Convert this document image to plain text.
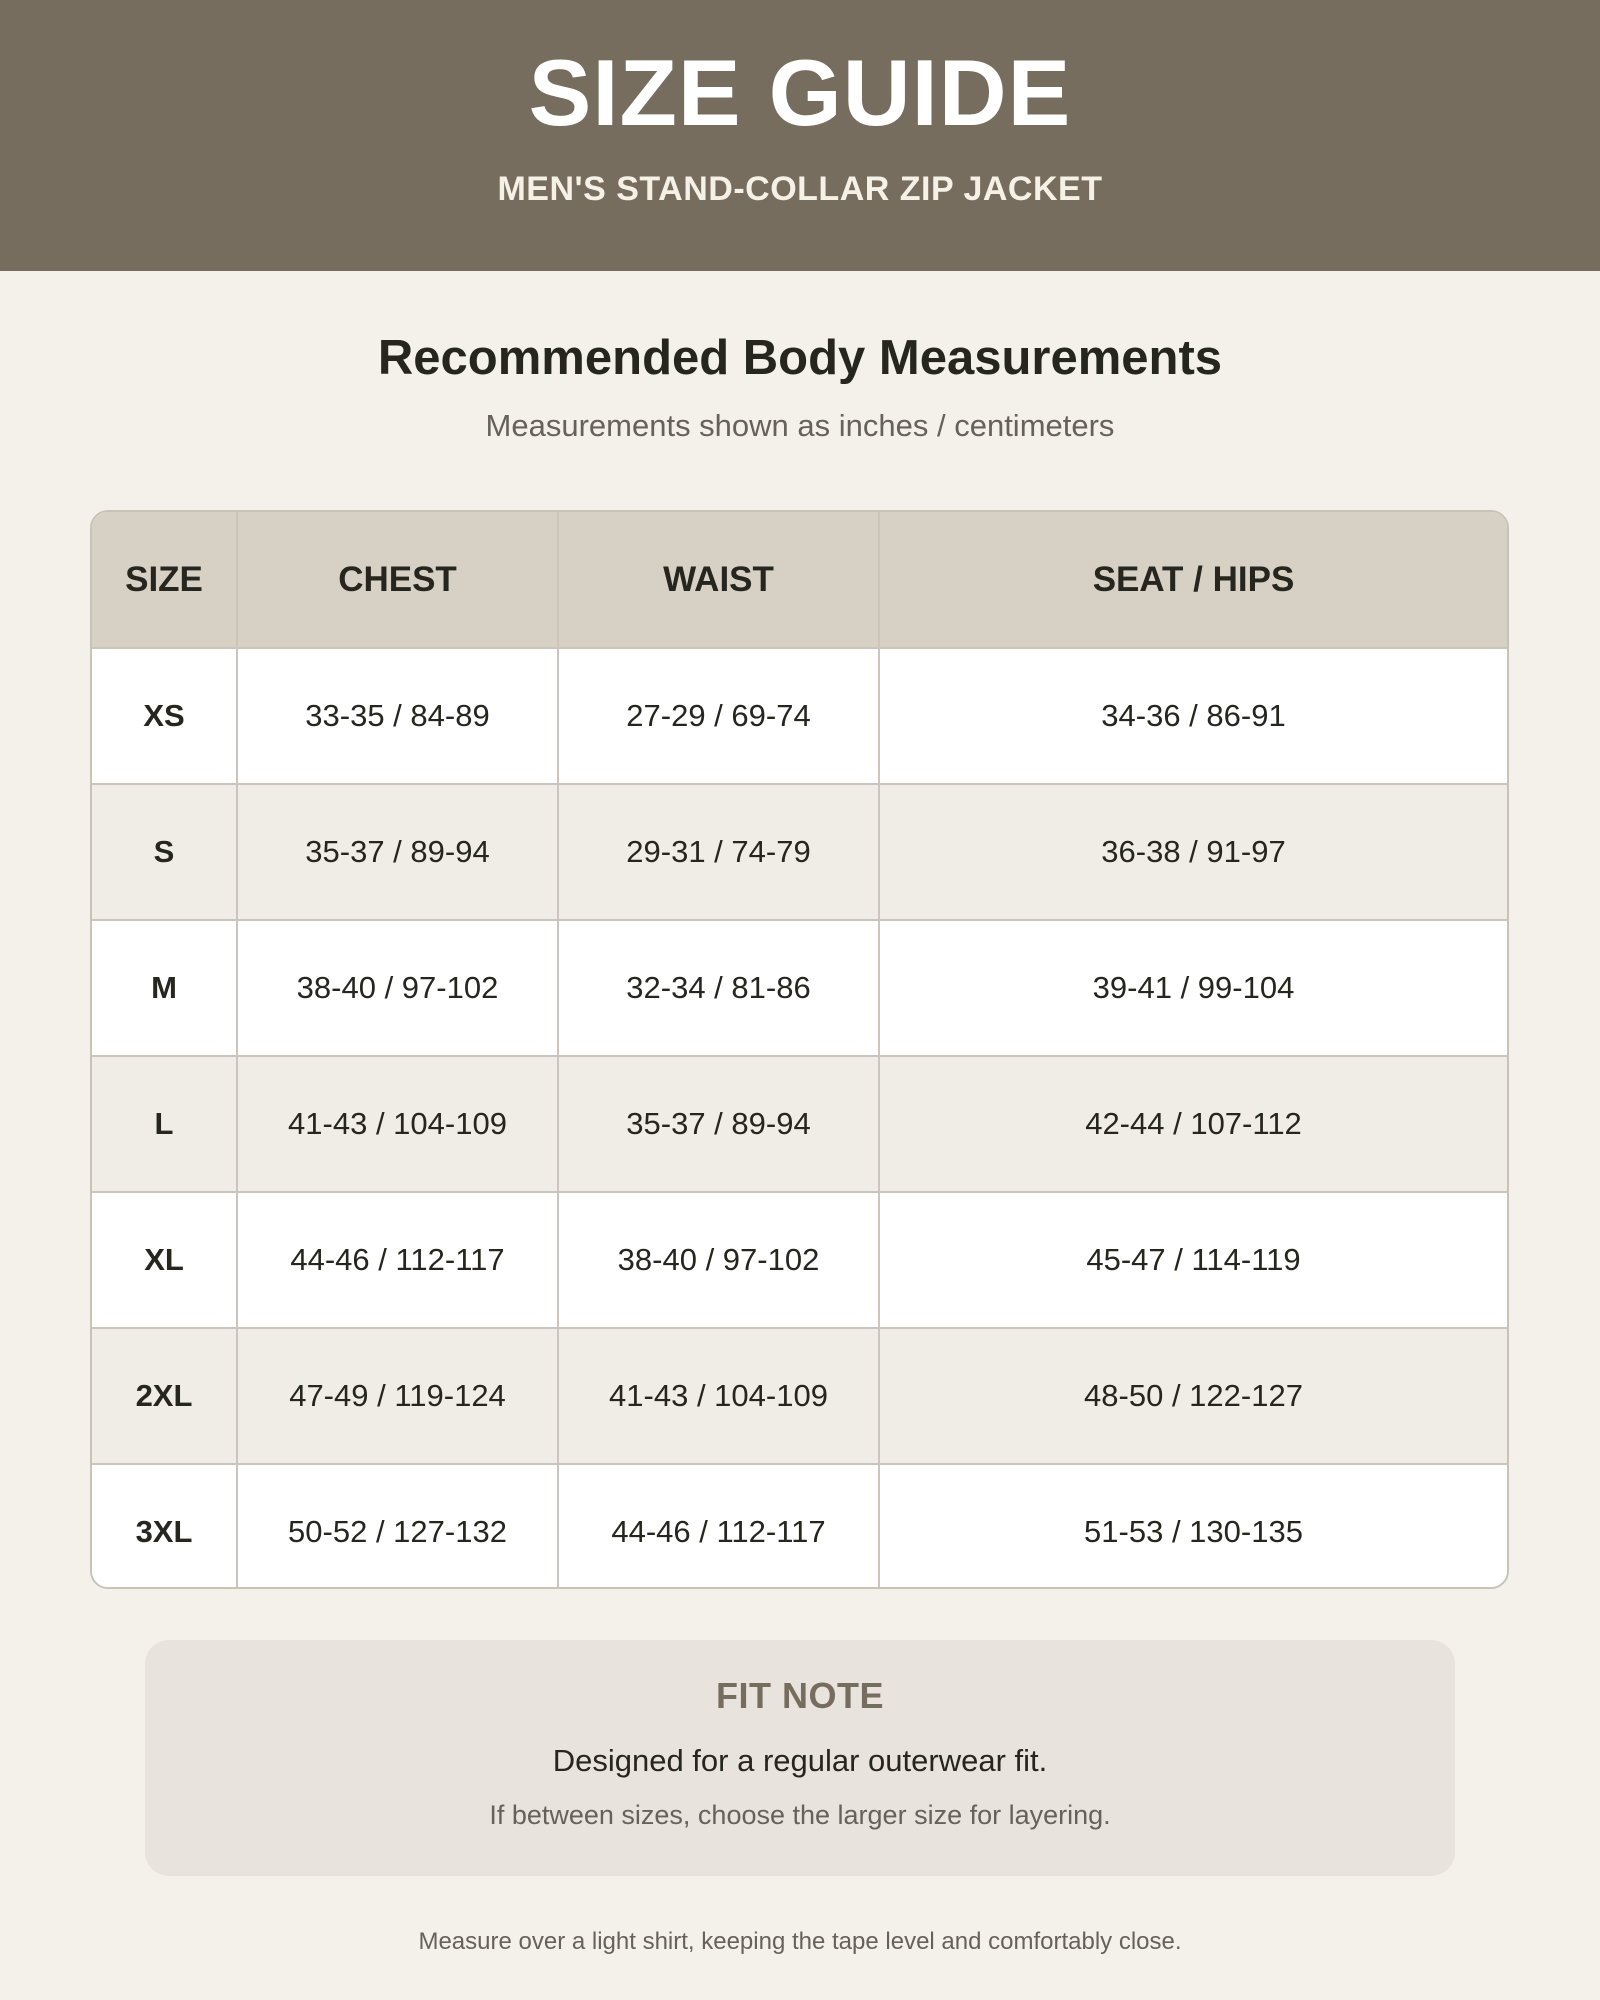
SIZE GUIDE
MEN'S STAND-COLLAR ZIP JACKET
Recommended Body Measurements
Measurements shown as inches / centimeters
SIZE	CHEST	WAIST	SEAT / HIPS
XS	33-35 / 84-89	27-29 / 69-74	34-36 / 86-91
S	35-37 / 89-94	29-31 / 74-79	36-38 / 91-97
M	38-40 / 97-102	32-34 / 81-86	39-41 / 99-104
L	41-43 / 104-109	35-37 / 89-94	42-44 / 107-112
XL	44-46 / 112-117	38-40 / 97-102	45-47 / 114-119
2XL	47-49 / 119-124	41-43 / 104-109	48-50 / 122-127
3XL	50-52 / 127-132	44-46 / 112-117	51-53 / 130-135
FIT NOTE
Designed for a regular outerwear fit.
If between sizes, choose the larger size for layering.
Measure over a light shirt, keeping the tape level and comfortably close.
